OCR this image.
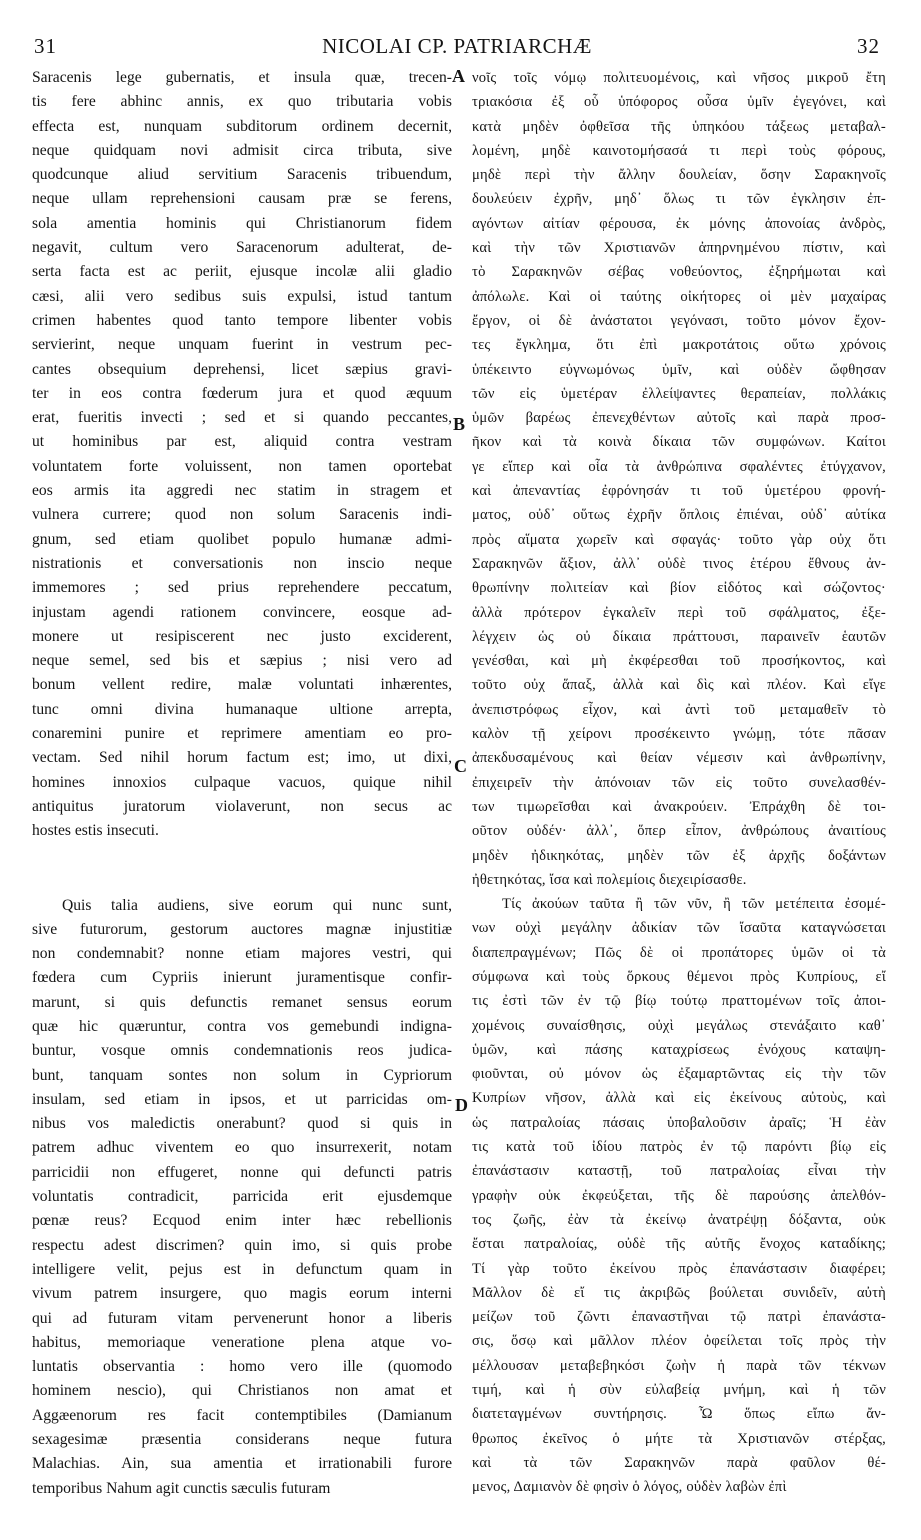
31	NICOLAI CP. PATRIARCHÆ	32
Saracenis lege gubernatis, et insula quæ, trecen-
tis fere abhinc annis, ex quo tributaria vobis
effecta est, nunquam subditorum ordinem decernit,
neque quidquam novi admisit circa tributa, sive
quodcunque aliud servitium Saracenis tribuendum,
neque ullam reprehensioni causam præ se ferens,
sola amentia hominis qui Christianorum fidem
negavit, cultum vero Saracenorum adulterat, de-
serta facta est ac periit, ejusque incolæ alii gladio
cæsi, alii vero sedibus suis expulsi, istud tantum
crimen habentes quod tanto tempore libenter vobis
servierint, neque unquam fuerint in vestrum pec-
cantes obsequium deprehensi, licet sæpius gravi-
ter in eos contra fœderum jura et quod æquum
erat, fueritis invecti ; sed et si quando peccantes,
ut hominibus par est, aliquid contra vestram
voluntatem forte voluissent, non tamen oportebat
eos armis ita aggredi nec statim in stragem et
vulnera currere; quod non solum Saracenis indi-
gnum, sed etiam quolibet populo humanæ admi-
nistrationis et conversationis non inscio neque
immemores ; sed prius reprehendere peccatum,
injustam agendi rationem convincere, eosque ad-
monere ut resipiscerent nec justo exciderent,
neque semel, sed bis et sæpius ; nisi vero ad
bonum vellent redire, malæ voluntati inhærentes,
tunc omni divina humanaque ultione arrepta,
conaremini punire et reprimere amentiam eo pro-
vectam. Sed nihil horum factum est; imo, ut dixi,
homines innoxios culpaque vacuos, quique nihil
antiquitus juratorum violaverunt, non secus ac
hostes estis insecuti.
Quis talia audiens, sive eorum qui nunc sunt,
sive futurorum, gestorum auctores magnæ injustitiæ
non condemnabit? nonne etiam majores vestri, qui
fœdera cum Cypriis inierunt juramentisque confir-
marunt, si quis defunctis remanet sensus eorum
quæ hic quæruntur, contra vos gemebundi indigna-
buntur, vosque omnis condemnationis reos judica-
bunt, tanquam sontes non solum in Cypriorum
insulam, sed etiam in ipsos, et ut parricidas om-
nibus vos maledictis onerabunt? quod si quis in
patrem adhuc viventem eo quo insurrexerit, notam
parricidii non effugeret, nonne qui defuncti patris
voluntatis contradicit, parricida erit ejusdemque
pœnæ reus? Ecquod enim inter hæc rebellionis
respectu adest discrimen? quin imo, si quis probe
intelligere velit, pejus est in defunctum quam in
vivum patrem insurgere, quo magis eorum interni
qui ad futuram vitam pervenerunt honor a liberis
habitus, memoriaque veneratione plena atque vo-
luntatis observantia : homo vero ille (quomodo
hominem nescio), qui Christianos non amat et
Aggæenorum res facit contemptibiles (Damianum
sexagesimæ præsentia considerans neque futura
Malachias. Ain, sua amentia et irrationabili furore
temporibus Nahum agit cunctis sæculis futuram
νοῖς τοῖς νόμῳ πολιτευομένοις, καὶ νῆσος μικροῦ ἔτη
τριακόσια ἐξ οὗ ὑπόφορος οὖσα ὑμῖν ἐγεγόνει, καὶ
κατὰ μηδὲν ὀφθεῖσα τῆς ὑπηκόου τάξεως μεταβαλ-
λομένη, μηδὲ καινοτομήσασά τι περὶ τοὺς φόρους,
μηδὲ περὶ τὴν ἄλλην δουλείαν, ὅσην Σαρακηνοῖς
δουλεύειν ἐχρῆν, μηδ᾽ ὅλως τι τῶν ἐγκλησιν ἐπ-
αγόντων αἰτίαν φέρουσα, ἐκ μόνης ἀπονοίας ἀνδρὸς,
καὶ τὴν τῶν Χριστιανῶν ἀπηρνημένου πίστιν, καὶ
τὸ Σαρακηνῶν σέβας νοθεύοντος, ἐξηρήμωται καὶ
ἀπόλωλε. Καὶ οἱ ταύτης οἰκήτορες οἱ μὲν μαχαίρας
ἔργον, οἱ δὲ ἀνάστατοι γεγόνασι, τοῦτο μόνον ἔχον-
τες ἔγκλημα, ὅτι ἐπὶ μακροτάτοις οὕτω χρόνοις
ὑπέκειντο εὐγνωμόνως ὑμῖν, καὶ οὐδὲν ὤφθησαν
τῶν εἰς ὑμετέραν ἐλλείψαντες θεραπείαν, πολλάκις
ὑμῶν βαρέως ἐπενεχθέντων αὐτοῖς καὶ παρὰ προσ-
ῆκον καὶ τὰ κοινὰ δίκαια τῶν συμφώνων. Καίτοι
γε εἴπερ καὶ οἷα τὰ ἀνθρώπινα σφαλέντες ἐτύγχανον,
καὶ ἀπεναντίας ἐφρόνησάν τι τοῦ ὑμετέρου φρονή-
ματος, οὐδ᾽ οὕτως ἐχρῆν ὅπλοις ἐπιέναι, οὐδ᾽ αὐτίκα
πρὸς αἵματα χωρεῖν καὶ σφαγάς· τοῦτο γὰρ οὐχ ὅτι
Σαρακηνῶν ἄξιον, ἀλλ᾽ οὐδὲ τινος ἑτέρου ἔθνους ἀν-
θρωπίνην πολιτείαν καὶ βίον εἰδότος καὶ σώζοντος·
ἀλλὰ πρότερον ἐγκαλεῖν περὶ τοῦ σφάλματος, ἐξε-
λέγχειν ὡς οὐ δίκαια πράττουσι, παραινεῖν ἑαυτῶν
γενέσθαι, καὶ μὴ ἐκφέρεσθαι τοῦ προσήκοντος, καὶ
τοῦτο οὐχ ἅπαξ, ἀλλὰ καὶ δὶς καὶ πλέον. Καὶ εἴγε
ἀνεπιστρόφως εἶχον, καὶ ἀντὶ τοῦ μεταμαθεῖν τὸ
καλὸν τῇ χείρονι προσέκειντο γνώμῃ, τότε πᾶσαν
ἀπεκδυσαμένους καὶ θείαν νέμεσιν καὶ ἀνθρωπίνην,
ἐπιχειρεῖν τὴν ἀπόνοιαν τῶν εἰς τοῦτο συνελασθέν-
των τιμωρεῖσθαι καὶ ἀνακρούειν. Ἐπράχθη δὲ τοι-
οῦτον οὐδέν· ἀλλ᾽, ὅπερ εἶπον, ἀνθρώπους ἀναιτίους
μηδὲν ἠδικηκότας, μηδὲν τῶν ἐξ ἀρχῆς δοξάντων
ἠθετηκότας, ἴσα καὶ πολεμίοις διεχειρίσασθε.
Τίς ἀκούων ταῦτα ἢ τῶν νῦν, ἢ τῶν μετέπειτα ἐσομέ-
νων οὐχὶ μεγάλην ἀδικίαν τῶν ἴσαῦτα καταγνώσεται
διαπεπραγμένων; Πῶς δὲ οἱ προπάτορες ὑμῶν οἱ τὰ
σύμφωνα καὶ τοὺς ὅρκους θέμενοι πρὸς Κυπρίους, εἴ
τις ἐστὶ τῶν ἐν τῷ βίῳ τούτῳ πραττομένων τοῖς ἀποι-
χομένοις συναίσθησις, οὐχὶ μεγάλως στενάξαιτο καθ᾽
ὑμῶν, καὶ πάσης καταχρίσεως ἐνόχους καταψη-
φιοῦνται, οὐ μόνον ὡς ἐξαμαρτῶντας εἰς τὴν τῶν
Κυπρίων νῆσον, ἀλλὰ καὶ εἰς ἐκείνους αὐτοὺς, καὶ
ὡς πατραλοίας πάσαις ὑποβαλοῦσιν ἀραῖς; Ἡ ἐὰν
τις κατὰ τοῦ ἰδίου πατρὸς ἐν τῷ παρόντι βίῳ εἰς
ἐπανάστασιν καταστῇ, τοῦ πατραλοίας εἶναι τὴν
γραφὴν οὐκ ἐκφεύξεται, τῆς δὲ παρούσης ἀπελθόν-
τος ζωῆς, ἐὰν τὰ ἐκείνῳ ἀνατρέψῃ δόξαντα, οὐκ
ἔσται πατραλοίας, οὐδὲ τῆς αὐτῆς ἔνοχος καταδίκης;
Τί γὰρ τοῦτο ἐκείνου πρὸς ἐπανάστασιν διαφέρει;
Μᾶλλον δὲ εἴ τις ἀκριβῶς βούλεται συνιδεῖν, αὐτὴ
μείζων τοῦ ζῶντι ἐπαναστῆναι τῷ πατρὶ ἐπανάστα-
σις, ὅσῳ καὶ μᾶλλον πλέον ὀφείλεται τοῖς πρὸς τὴν
μέλλουσαν μεταβεβηκόσι ζωὴν ἡ παρὰ τῶν τέκνων
τιμή, καὶ ἡ σὺν εὐλαβείᾳ μνήμη, καὶ ἡ τῶν
διατεταγμένων συντήρησις. Ὦ ὅπως εἴπω ἄν-
θρωπος ἐκεῖνος ὁ μήτε τὰ Χριστιανῶν στέρξας,
καὶ τὰ τῶν Σαρακηνῶν παρὰ φαῦλον θέ-
μενος, Δαμιανὸν δὲ φησὶν ὁ λόγος, οὐδὲν λαβὼν ἐπὶ
A
B
C
D
